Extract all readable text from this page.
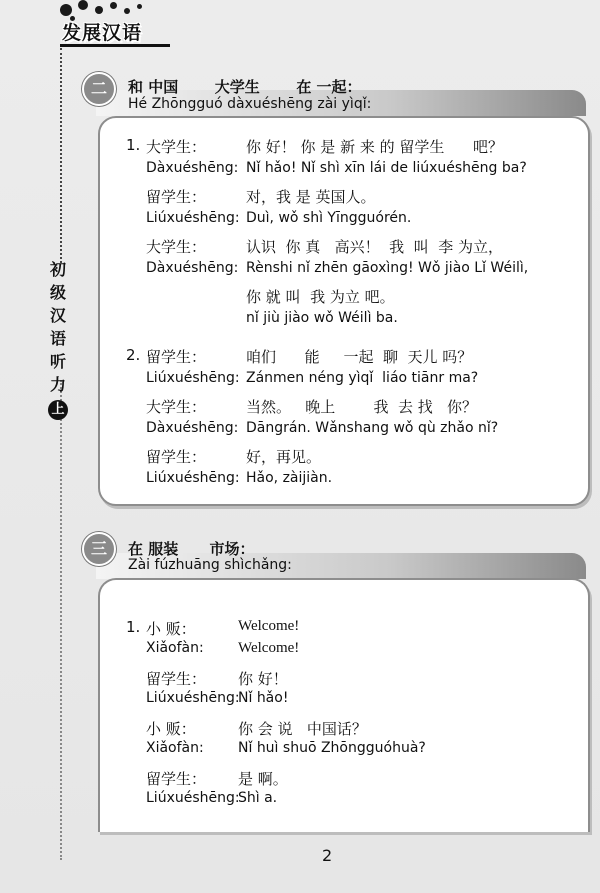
发展汉语
初
级
汉
语
听
力
上
二	和 中国       大学生       在 一起：
Hé Zhōngguó dàxuéshēng zài yìqǐ:
1. 大学生：	你 好！ 你 是 新 来 的 留学生      吧？
Dàxuéshēng: Nǐ hǎo! Nǐ shì xīn lái de liúxuéshēng ba?
留学生：	对，我 是 英国人。
Liúxuéshēng: Duì, wǒ shì Yīngguórén.
大学生：	认识  你 真   高兴！  我  叫  李 为立，
Dàxuéshēng: Rènshi nǐ zhēn gāoxìng! Wǒ jiào Lǐ Wéilì,
你 就 叫  我 为立 吧。
nǐ jiù jiào wǒ Wéilì ba.
2. 留学生：	咱们      能     一起  聊  天儿 吗？
Liúxuéshēng: Zánmen néng yìqǐ  liáo tiānr ma?
大学生：	当然。   晚上        我  去 找   你？
Dàxuéshēng: Dāngrán. Wǎnshang wǒ qù zhǎo nǐ?
留学生：	好，再见。
Liúxuéshēng: Hǎo, zàijiàn.
三	在 服装      市场：
Zài fúzhuāng shìchǎng:
1. 小 贩：	Welcome!
Xiǎofàn: Welcome!
留学生： 你 好！
Liúxuéshēng:
Nǐ hǎo!
小 贩：	你 会 说   中国话？
Xiǎofàn: Nǐ huì shuō Zhōngguóhuà?
留学生： 是 啊。
Liúxuéshēng:
Shì a.
2
